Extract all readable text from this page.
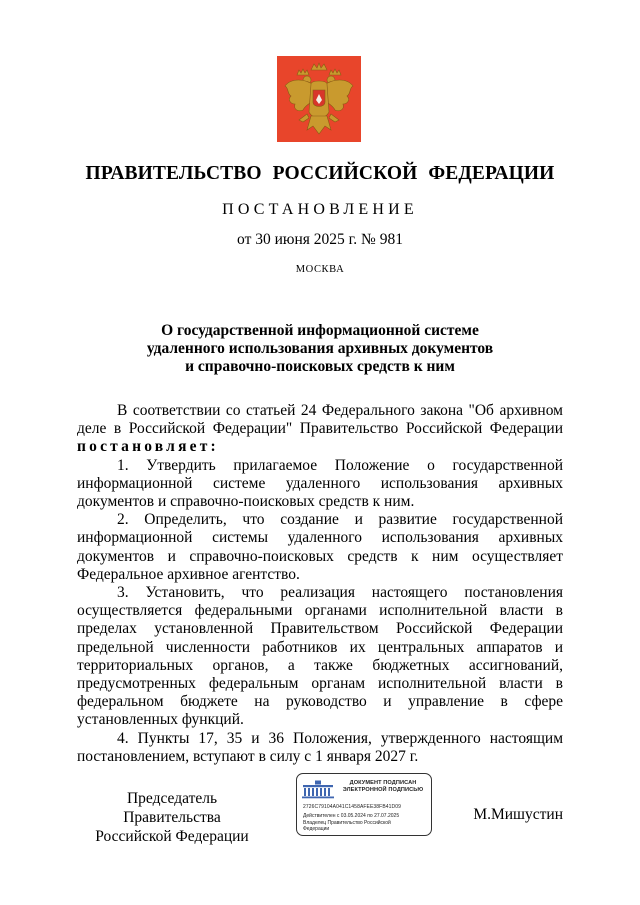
ПРАВИТЕЛЬСТВО РОССИЙСКОЙ ФЕДЕРАЦИИ
ПОСТАНОВЛЕНИЕ
от 30 июня 2025 г. № 981
МОСКВА
О государственной информационной системе
удаленного использования архивных документов
и справочно-поисковых средств к ним

В соответствии со статьей 24 Федерального закона "Об архивном деле в Российской Федерации" Правительство Российской Федерации постановляет:

1. Утвердить прилагаемое Положение о государственной информационной системе удаленного использования архивных документов и справочно-поисковых средств к ним.

2. Определить, что создание и развитие государственной информационной системы удаленного использования архивных документов и справочно-поисковых средств к ним осуществляет Федеральное архивное агентство.

3. Установить, что реализация настоящего постановления осуществляется федеральными органами исполнительной власти в пределах установленной Правительством Российской Федерации предельной численности работников их центральных аппаратов и территориальных органов, а также бюджетных ассигнований, предусмотренных федеральным органам исполнительной власти в федеральном бюджете на руководство и управление в сфере установленных функций.

4. Пункты 17, 35 и 36 Положения, утвержденного настоящим постановлением, вступают в силу с 1 января 2027 г.

Председатель Правительства
Российской Федерации
ДОКУМЕНТ ПОДПИСАН
ЭЛЕКТРОННОЙ ПОДПИСЬЮ
2726C79104A041C1458AFEE38FB41D09
Действителен с 03.05.2024 по 27.07.2025
Владелец Правительство Российской
Федерации
М.Мишустин
